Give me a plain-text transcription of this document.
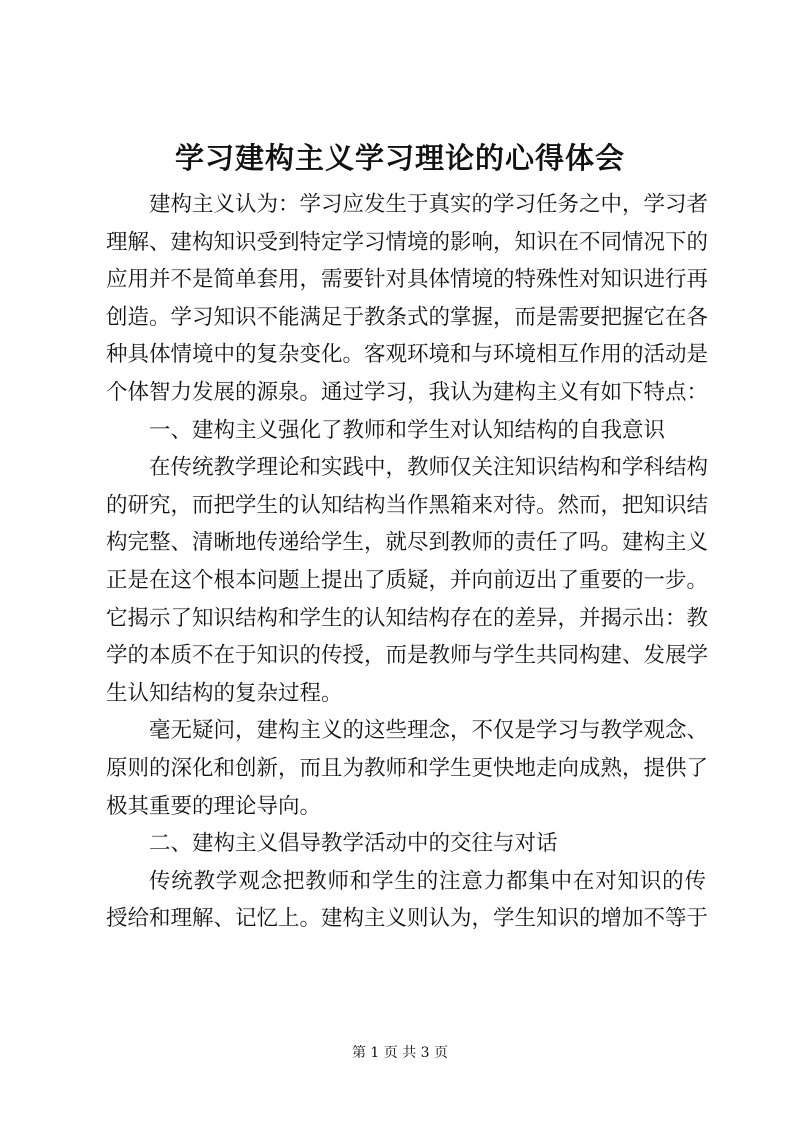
学习建构主义学习理论的心得体会
建构主义认为：学习应发生于真实的学习任务之中，学习者
理解、建构知识受到特定学习情境的影响，知识在不同情况下的
应用并不是简单套用，需要针对具体情境的特殊性对知识进行再
创造。学习知识不能满足于教条式的掌握，而是需要把握它在各
种具体情境中的复杂变化。客观环境和与环境相互作用的活动是
个体智力发展的源泉。通过学习，我认为建构主义有如下特点：
一、建构主义强化了教师和学生对认知结构的自我意识
在传统教学理论和实践中，教师仅关注知识结构和学科结构
的研究，而把学生的认知结构当作黑箱来对待。然而，把知识结
构完整、清晰地传递给学生，就尽到教师的责任了吗。建构主义
正是在这个根本问题上提出了质疑，并向前迈出了重要的一步。
它揭示了知识结构和学生的认知结构存在的差异，并揭示出：教
学的本质不在于知识的传授，而是教师与学生共同构建、发展学
生认知结构的复杂过程。
毫无疑问，建构主义的这些理念，不仅是学习与教学观念、
原则的深化和创新，而且为教师和学生更快地走向成熟，提供了
极其重要的理论导向。
二、建构主义倡导教学活动中的交往与对话
传统教学观念把教师和学生的注意力都集中在对知识的传
授给和理解、记忆上。建构主义则认为，学生知识的增加不等于
第 1 页 共 3 页
